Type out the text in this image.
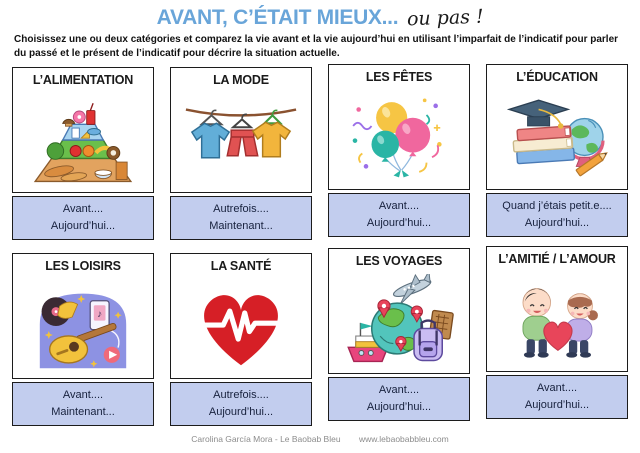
AVANT, C’ÉTAIT MIEUX... ou pas !
Choisissez une ou deux catégories et comparez la vie avant et la vie aujourd’hui en utilisant l’imparfait de l’indicatif pour parler du passé et le présent de l’indicatif pour décrire la situation actuelle.
L’ALIMENTATION
Avant....
Aujourd’hui...
LA MODE
Autrefois....
Maintenant...
LES FÊTES
Avant....
Aujourd’hui...
L’ÉDUCATION
Quand j’étais petit.e....
Aujourd’hui...
LES LOISIRS
♪
Avant....
Maintenant...
LA SANTÉ
Autrefois....
Aujourd’hui...
LES VOYAGES
Avant....
Aujourd’hui...
L’AMITIÉ / L’AMOUR
Avant....
Aujourd’hui...
Carolina García Mora - Le Baobab Bleu www.lebaobabbleu.com
